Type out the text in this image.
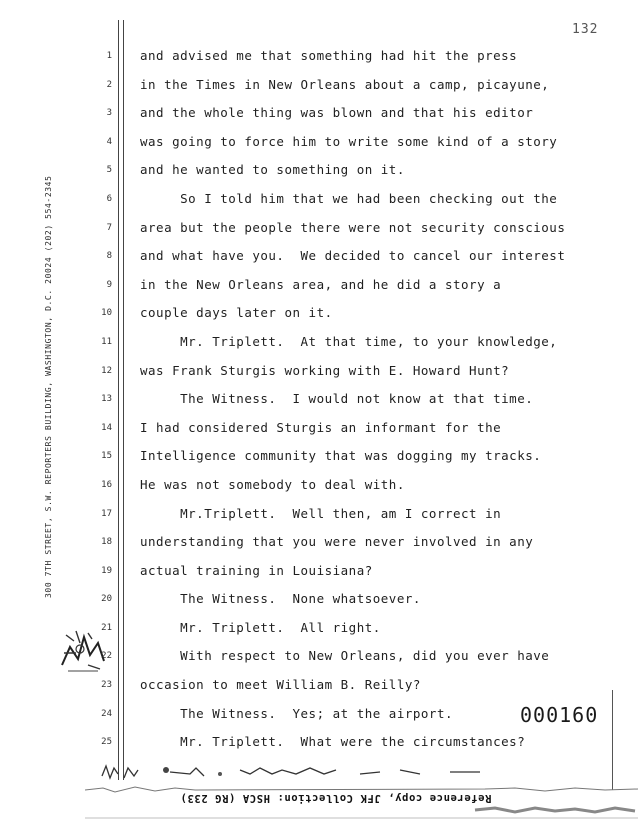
132
300 7TH STREET, S.W. REPORTERS BUILDING, WASHINGTON, D.C. 20024 (202) 554-2345
1 and advised me that something had hit the press
2 in the Times in New Orleans about a camp, picayune,
3 and the whole thing was blown and that his editor
4 was going to force him to write some kind of a story
5 and he wanted to something on it.
6 So I told him that we had been checking out the
7 area but the people there were not security conscious
8 and what have you.  We decided to cancel our interest
9 in the New Orleans area, and he did a story a
10 couple days later on it.
11 Mr. Triplett.  At that time, to your knowledge,
12 was Frank Sturgis working with E. Howard Hunt?
13 The Witness.  I would not know at that time.
14 I had considered Sturgis an informant for the
15 Intelligence community that was dogging my tracks.
16 He was not somebody to deal with.
17 Mr.Triplett.  Well then, am I correct in
18 understanding that you were never involved in any
19 actual training in Louisiana?
20 The Witness.  None whatsoever.
21 Mr. Triplett.  All right.
22 With respect to New Orleans, did you ever have
23 occasion to meet William B. Reilly?
24 The Witness.  Yes; at the airport.
25 Mr. Triplett.  What were the circumstances?
000160
Reference copy, JFK Collection: HSCA (RG 233)
